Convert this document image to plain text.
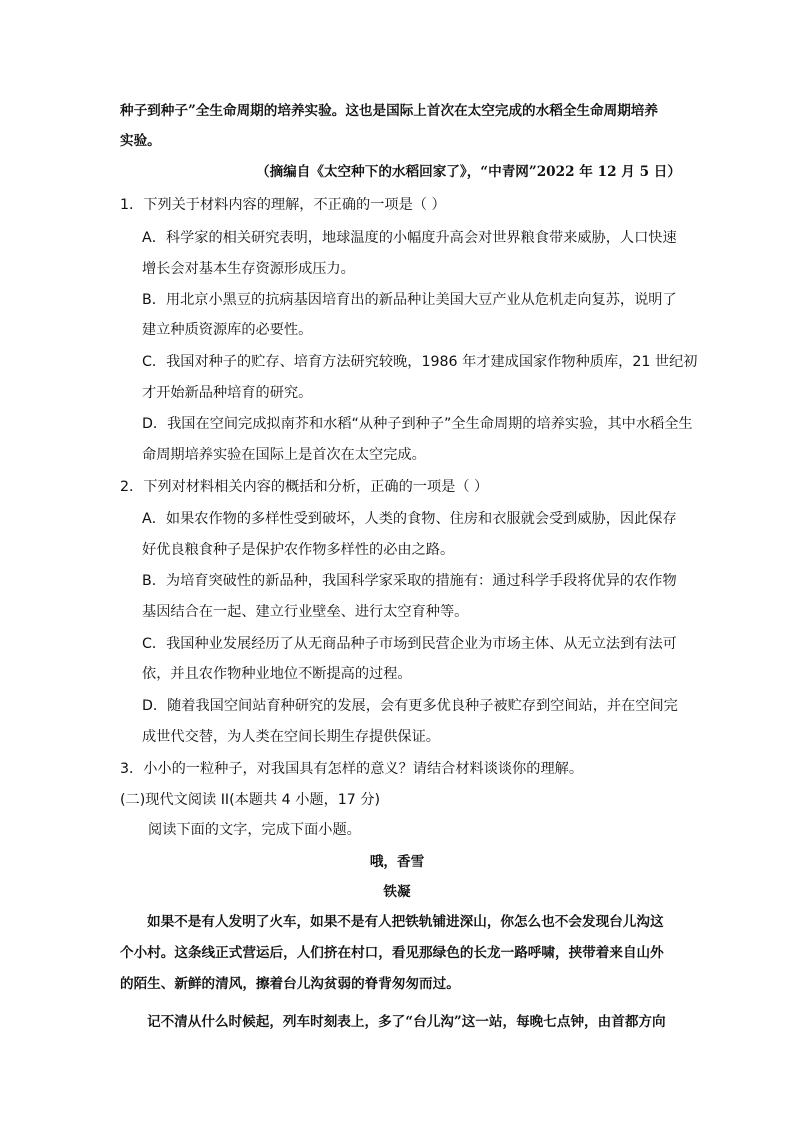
种子到种子”全生命周期的培养实验。这也是国际上首次在太空完成的水稻全生命周期培养
实验。
（摘编自《太空种下的水稻回家了》，“中青网”2022 年 12 月 5 日）
1．下列关于材料内容的理解，不正确的一项是（ ）
A．科学家的相关研究表明，地球温度的小幅度升高会对世界粮食带来威胁，人口快速
增长会对基本生存资源形成压力。
B．用北京小黑豆的抗病基因培育出的新品种让美国大豆产业从危机走向复苏，说明了
建立种质资源库的必要性。
C．我国对种子的贮存、培育方法研究较晚，1986 年才建成国家作物种质库，21 世纪初
才开始新品种培育的研究。
D．我国在空间完成拟南芥和水稻“从种子到种子”全生命周期的培养实验，其中水稻全生
命周期培养实验在国际上是首次在太空完成。
2．下列对材料相关内容的概括和分析，正确的一项是（ ）
A．如果农作物的多样性受到破坏，人类的食物、住房和衣服就会受到威胁，因此保存
好优良粮食种子是保护农作物多样性的必由之路。
B．为培育突破性的新品种，我国科学家采取的措施有：通过科学手段将优异的农作物
基因结合在一起、建立行业壁垒、进行太空育种等。
C．我国种业发展经历了从无商品种子市场到民营企业为市场主体、从无立法到有法可
依，并且农作物种业地位不断提高的过程。
D．随着我国空间站育种研究的发展，会有更多优良种子被贮存到空间站，并在空间完
成世代交替，为人类在空间长期生存提供保证。
3．小小的一粒种子，对我国具有怎样的意义？请结合材料谈谈你的理解。
(二)现代文阅读 II(本题共 4 小题，17 分)
阅读下面的文字，完成下面小题。
哦，香雪
铁凝
如果不是有人发明了火车，如果不是有人把铁轨铺进深山，你怎么也不会发现台儿沟这
个小村。这条线正式营运后，人们挤在村口，看见那绿色的长龙一路呼啸，挟带着来自山外
的陌生、新鲜的清风，擦着台儿沟贫弱的脊背匆匆而过。
记不清从什么时候起，列车时刻表上，多了“台儿沟”这一站，每晚七点钟，由首都方向
